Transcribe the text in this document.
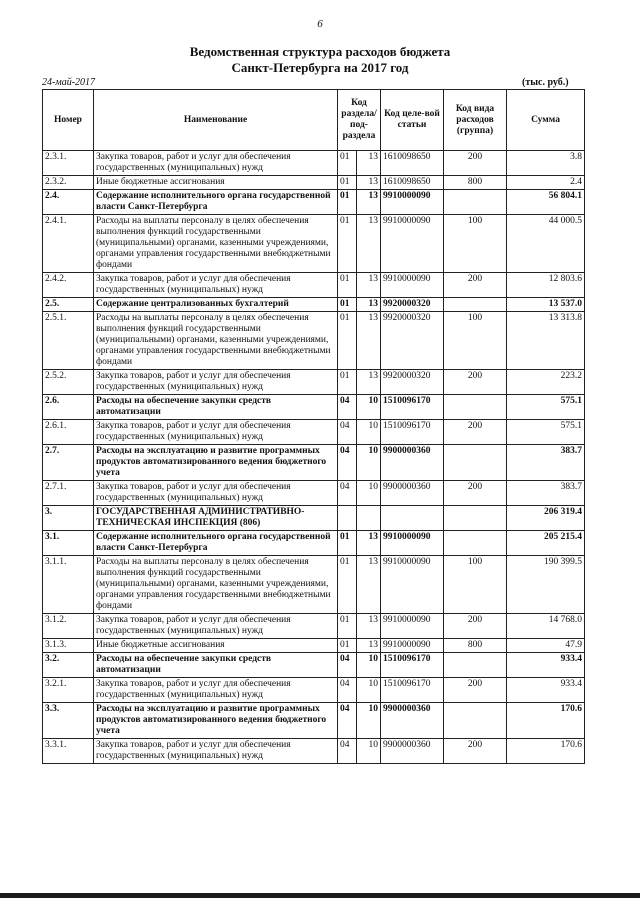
6
Ведомственная структура расходов бюджета
Санкт-Петербурга на 2017 год
24-май-2017	(тыс. руб.)
Номер	Наименование	Код раздела/ под-раздела		Код целе-вой статьи	Код вида расходов (группа)	Сумма
2.3.1.	Закупка товаров, работ и услуг для обеспечения государственных (муниципальных) нужд	01	13	1610098650	200	3.8
2.3.2.	Иные бюджетные ассигнования	01	13	1610098650	800	2.4
2.4.	Содержание исполнительного органа государственной власти Санкт-Петербурга	01	13	9910000090		56 804.1
2.4.1.	Расходы на выплаты персоналу в целях обеспечения выполнения функций государственными (муниципальными) органами, казенными учреждениями, органами управления государственными внебюджетными фондами	01	13	9910000090	100	44 000.5
2.4.2.	Закупка товаров, работ и услуг для обеспечения государственных (муниципальных) нужд	01	13	9910000090	200	12 803.6
2.5.	Содержание централизованных бухгалтерий	01	13	9920000320		13 537.0
2.5.1.	Расходы на выплаты персоналу в целях обеспечения выполнения функций государственными (муниципальными) органами, казенными учреждениями, органами управления государственными внебюджетными фондами	01	13	9920000320	100	13 313.8
2.5.2.	Закупка товаров, работ и услуг для обеспечения государственных (муниципальных) нужд	01	13	9920000320	200	223.2
2.6.	Расходы на обеспечение закупки средств автоматизации	04	10	1510096170		575.1
2.6.1.	Закупка товаров, работ и услуг для обеспечения государственных (муниципальных) нужд	04	10	1510096170	200	575.1
2.7.	Расходы на эксплуатацию и развитие программных продуктов автоматизированного ведения бюджетного учета	04	10	9900000360		383.7
2.7.1.	Закупка товаров, работ и услуг для обеспечения государственных (муниципальных) нужд	04	10	9900000360	200	383.7
3.	ГОСУДАРСТВЕННАЯ АДМИНИСТРАТИВНО-ТЕХНИЧЕСКАЯ ИНСПЕКЦИЯ (806)					206 319.4
3.1.	Содержание исполнительного органа государственной власти Санкт-Петербурга	01	13	9910000090		205 215.4
3.1.1.	Расходы на выплаты персоналу в целях обеспечения выполнения функций государственными (муниципальными) органами, казенными учреждениями, органами управления государственными внебюджетными фондами	01	13	9910000090	100	190 399.5
3.1.2.	Закупка товаров, работ и услуг для обеспечения государственных (муниципальных) нужд	01	13	9910000090	200	14 768.0
3.1.3.	Иные бюджетные ассигнования	01	13	9910000090	800	47.9
3.2.	Расходы на обеспечение закупки средств автоматизации	04	10	1510096170		933.4
3.2.1.	Закупка товаров, работ и услуг для обеспечения государственных (муниципальных) нужд	04	10	1510096170	200	933.4
3.3.	Расходы на эксплуатацию и развитие программных продуктов автоматизированного ведения бюджетного учета	04	10	9900000360		170.6
3.3.1.	Закупка товаров, работ и услуг для обеспечения государственных (муниципальных) нужд	04	10	9900000360	200	170.6
